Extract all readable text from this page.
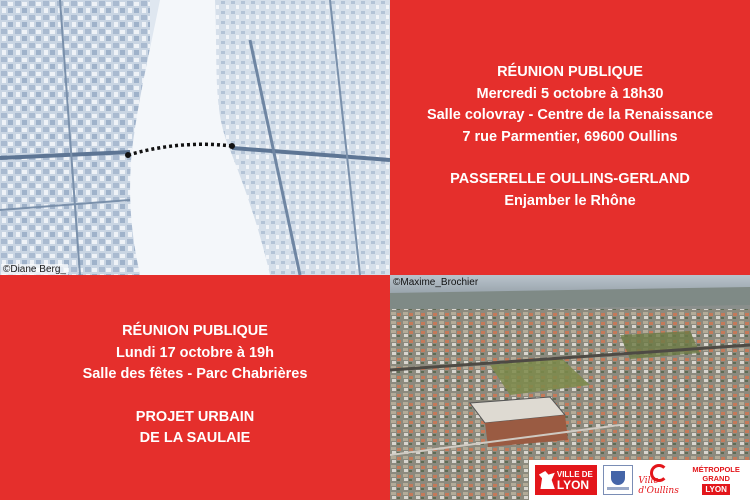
©Diane Berg_
RÉUNION PUBLIQUE
Mercredi 5 octobre à 18h30
Salle colovray - Centre de la Renaissance
7 rue Parmentier, 69600 Oullins
PASSERELLE OULLINS-GERLAND
Enjamber le Rhône
RÉUNION PUBLIQUE
Lundi 17 octobre à 19h
Salle des fêtes - Parc Chabrières
PROJET URBAIN
DE LA SAULAIE
©Maxime_Brochier
VILLE DE
LYON	Ville d'Oullins
MÉTROPOLE
GRAND
LYON
